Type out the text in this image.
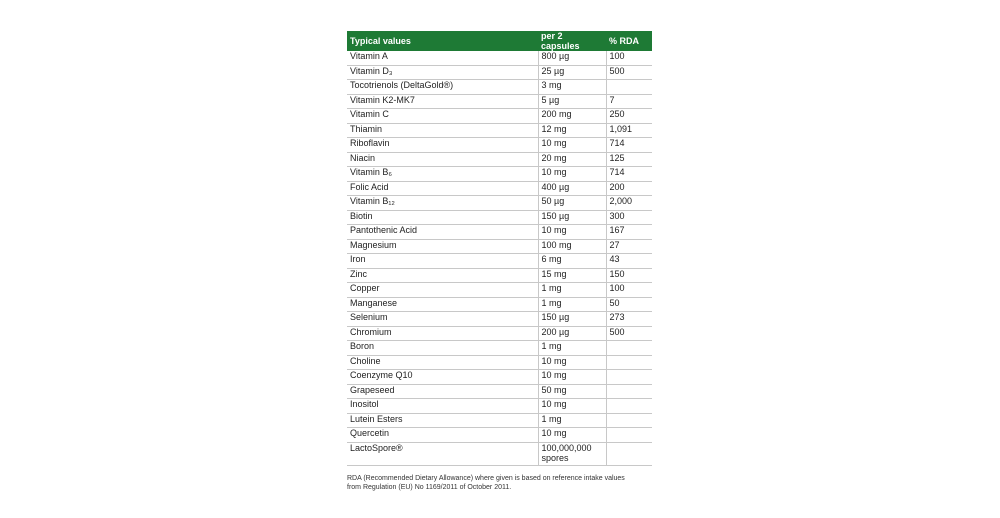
Typical values	per 2 capsules	% RDA
Vitamin A	800 µg	100
Vitamin D₃	25 µg	500
Tocotrienols (DeltaGold®)	3 mg	
Vitamin K2-MK7	5 µg	7
Vitamin C	200 mg	250
Thiamin	12 mg	1,091
Riboflavin	10 mg	714
Niacin	20 mg	125
Vitamin B₆	10 mg	714
Folic Acid	400 µg	200
Vitamin B₁₂	50 µg	2,000
Biotin	150 µg	300
Pantothenic Acid	10 mg	167
Magnesium	100 mg	27
Iron	6 mg	43
Zinc	15 mg	150
Copper	1 mg	100
Manganese	1 mg	50
Selenium	150 µg	273
Chromium	200 µg	500
Boron	1 mg	
Choline	10 mg	
Coenzyme Q10	10 mg	
Grapeseed	50 mg	
Inositol	10 mg	
Lutein Esters	1 mg	
Quercetin	10 mg	
LactoSpore®	100,000,000 spores	
RDA (Recommended Dietary Allowance) where given is based on reference intake values from Regulation (EU) No 1169/2011 of October 2011.
